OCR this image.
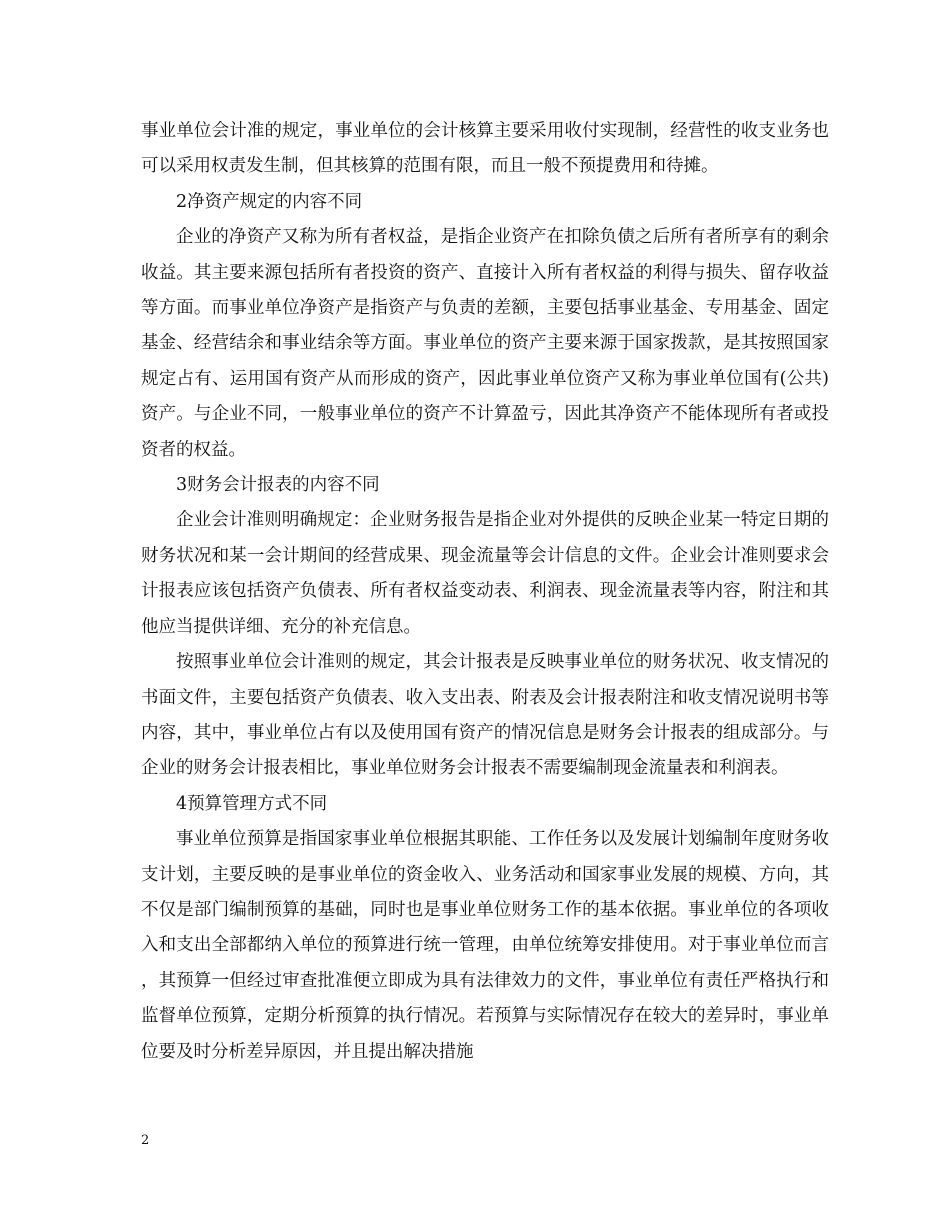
事业单位会计准的规定，事业单位的会计核算主要采用收付实现制，经营性的收支业务也可以采用权责发生制，但其核算的范围有限，而且一般不预提费用和待摊。

2净资产规定的内容不同

企业的净资产又称为所有者权益，是指企业资产在扣除负债之后所有者所享有的剩余收益。其主要来源包括所有者投资的资产、直接计入所有者权益的利得与损失、留存收益等方面。而事业单位净资产是指资产与负责的差额，主要包括事业基金、专用基金、固定基金、经营结余和事业结余等方面。事业单位的资产主要来源于国家拨款，是其按照国家规定占有、运用国有资产从而形成的资产，因此事业单位资产又称为事业单位国有(公共) 资产。与企业不同，一般事业单位的资产不计算盈亏，因此其净资产不能体现所有者或投资者的权益。

3财务会计报表的内容不同

企业会计准则明确规定：企业财务报告是指企业对外提供的反映企业某一特定日期的财务状况和某一会计期间的经营成果、现金流量等会计信息的文件。企业会计准则要求会计报表应该包括资产负债表、所有者权益变动表、利润表、现金流量表等内容，附注和其他应当提供详细、充分的补充信息。

按照事业单位会计准则的规定，其会计报表是反映事业单位的财务状况、收支情况的书面文件，主要包括资产负债表、收入支出表、附表及会计报表附注和收支情况说明书等内容，其中，事业单位占有以及使用国有资产的情况信息是财务会计报表的组成部分。与企业的财务会计报表相比，事业单位财务会计报表不需要编制现金流量表和利润表。

4预算管理方式不同

事业单位预算是指国家事业单位根据其职能、工作任务以及发展计划编制年度财务收支计划，主要反映的是事业单位的资金收入、业务活动和国家事业发展的规模、方向，其不仅是部门编制预算的基础，同时也是事业单位财务工作的基本依据。事业单位的各项收入和支出全部都纳入单位的预算进行统一管理，由单位统筹安排使用。对于事业单位而言，其预算一但经过审查批准便立即成为具有法律效力的文件，事业单位有责任严格执行和监督单位预算，定期分析预算的执行情况。若预算与实际情况存在较大的差异时，事业单位要及时分析差异原因，并且提出解决措施

2
